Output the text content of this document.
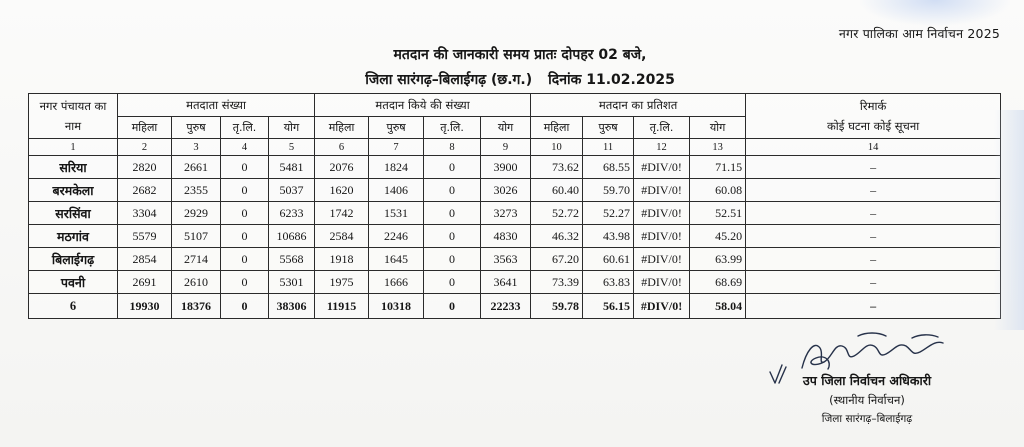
नगर पालिका आम निर्वाचन 2025
मतदान की जानकारी समय प्रातः दोपहर 02 बजे,
जिला सारंगढ़–बिलाईगढ़ (छ.ग.) दिनांक 11.02.2025
नगर पंचायत का
नाम	मतदाता संख्या				मतदान किये की संख्या				मतदान का प्रतिशत				रिमार्क
कोई घटना कोई सूचना

	महिला	पुरुष	तृ.लि.	योग	महिला	पुरुष	तृ.लि.	योग	महिला	पुरुष	तृ.लि.	योग	
1	2	3	4	5	6	7	8	9	10	11	12	13	14
सरिया	2820	2661	0	5481	2076	1824	0	3900	73.62	68.55	#DIV/0!	71.15	–
बरमकेला	2682	2355	0	5037	1620	1406	0	3026	60.40	59.70	#DIV/0!	60.08	–
सरसिंवा	3304	2929	0	6233	1742	1531	0	3273	52.72	52.27	#DIV/0!	52.51	–
मठगांव	5579	5107	0	10686	2584	2246	0	4830	46.32	43.98	#DIV/0!	45.20	–
बिलाईगढ़	2854	2714	0	5568	1918	1645	0	3563	67.20	60.61	#DIV/0!	63.99	–
पवनी	2691	2610	0	5301	1975	1666	0	3641	73.39	63.83	#DIV/0!	68.69	–
6	19930	18376	0	38306	11915	10318	0	22233	59.78	56.15	#DIV/0!	58.04	–
उप जिला निर्वाचन अधिकारी
(स्थानीय निर्वाचन)
जिला सारंगढ़–बिलाईगढ़
